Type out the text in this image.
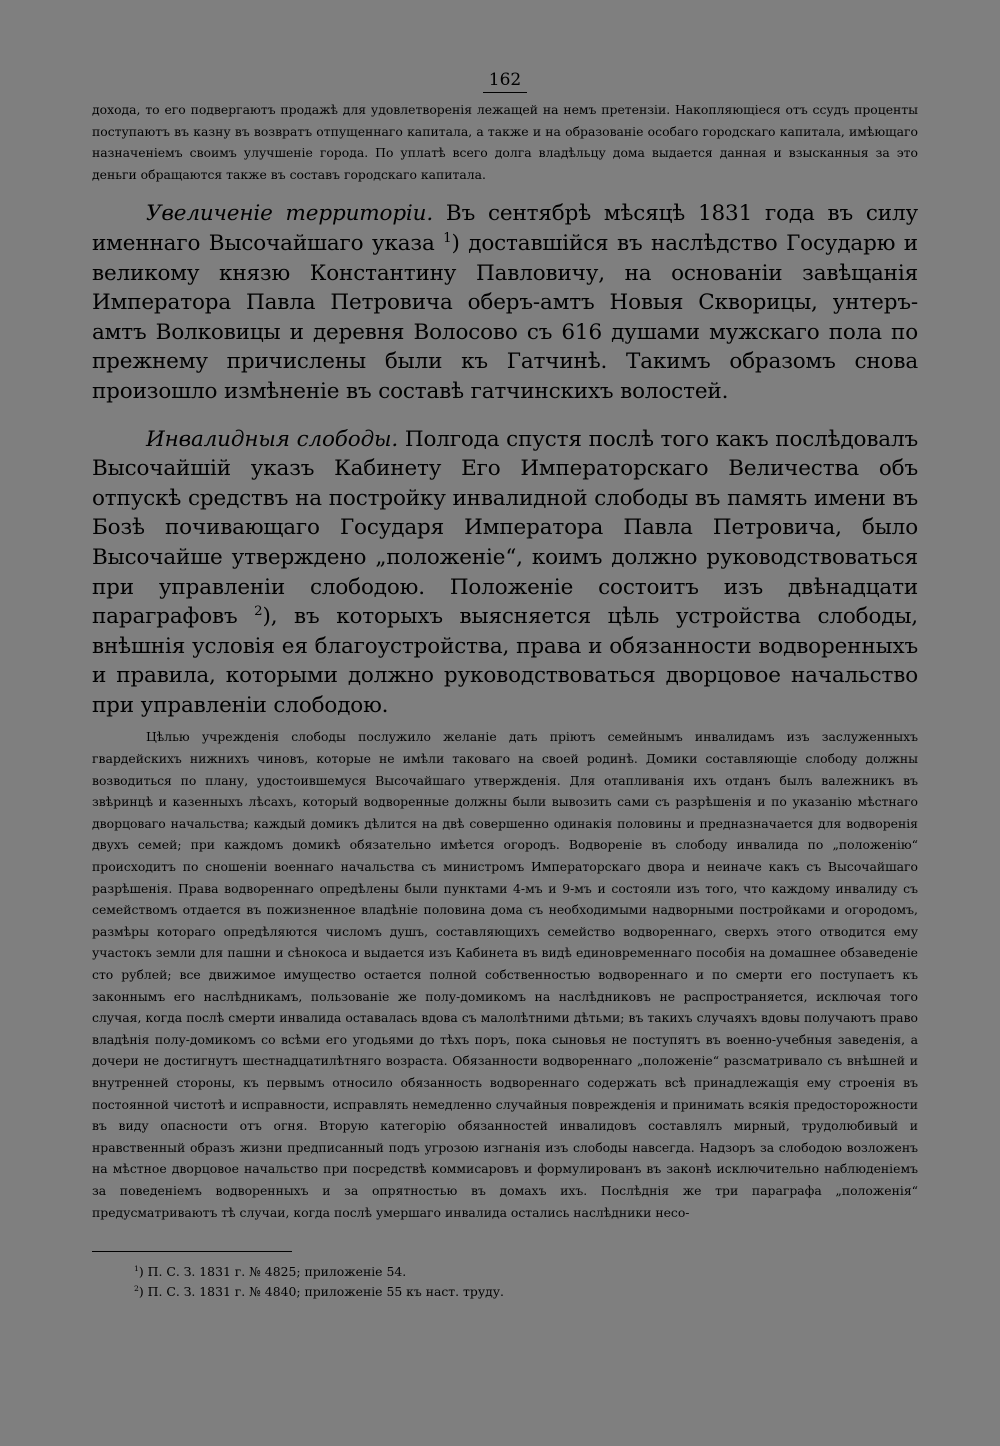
162

дохода, то его подвергаютъ продажѣ для удовлетворенія лежащей на немъ претензіи. Накопляющіеся отъ ссудъ проценты поступаютъ въ казну въ возвратъ отпущеннаго капитала, а также и на образованіе особаго городскаго капитала, имѣющаго назначеніемъ своимъ улучшеніе города. По уплатѣ всего долга владѣльцу дома выдается данная и взысканныя за это деньги обращаются также въ составъ городскаго капитала.

Увеличеніе территоріи. Въ сентябрѣ мѣсяцѣ 1831 года въ силу именнаго Высочайшаго указа $^1$) доставшійся въ наслѣдство Государю и великому князю Константину Павловичу, на основаніи завѣщанія Императора Павла Петровича оберъ-амтъ Новыя Скворицы, унтеръ-амтъ Волковицы и деревня Волосово съ 616 душами мужскаго пола по прежнему причислены были къ Гатчинѣ. Такимъ образомъ снова произошло измѣненіе въ составѣ гатчинскихъ волостей.

Инвалидныя слободы. Полгода спустя послѣ того какъ послѣдовалъ Высочайшій указъ Кабинету Его Императорскаго Величества объ отпускѣ средствъ на постройку инвалидной слободы въ память имени въ Бозѣ почивающаго Государя Императора Павла Петровича, было Высочайше утверждено „положеніе“, коимъ должно руководствоваться при управленіи слободою. Положеніе состоитъ изъ двѣнадцати параграфовъ $^2$), въ которыхъ выясняется цѣль устройства слободы, внѣшнія условія ея благоустройства, права и обязанности водворенныхъ и правила, которыми должно руководствоваться дворцовое начальство при управленіи слободою.

Цѣлью учрежденія слободы послужило желаніе дать пріютъ семейнымъ инвалидамъ изъ заслуженныхъ гвардейскихъ нижнихъ чиновъ, которые не имѣли таковаго на своей родинѣ. Домики составляющіе слободу должны возводиться по плану, удостоившемуся Высочайшаго утвержденія. Для отапливанія ихъ отданъ былъ валежникъ въ звѣринцѣ и казенныхъ лѣсахъ, который водворенные должны были вывозить сами съ разрѣшенія и по указанію мѣстнаго дворцоваго начальства; каждый домикъ дѣлится на двѣ совершенно одинакія половины и предназначается для водворенія двухъ семей; при каждомъ домикѣ обязательно имѣется огородъ. Водвореніе въ слободу инвалида по „положенію“ происходитъ по сношеніи военнаго начальства съ министромъ Императорскаго двора и неиначе какъ съ Высочайшаго разрѣшенія. Права водвореннаго опредѣлены были пунктами 4-мъ и 9-мъ и состояли изъ того, что каждому инвалиду съ семействомъ отдается въ пожизненное владѣніе половина дома съ необходимыми надворными постройками и огородомъ, размѣры котораго опредѣляются числомъ душъ, составляющихъ семейство водвореннаго, сверхъ этого отводится ему участокъ земли для пашни и сѣнокоса и выдается изъ Кабинета въ видѣ единовременнаго пособія на домашнее обзаведеніе сто рублей; все движимое имущество остается полной собственностью водвореннаго и по смерти его поступаетъ къ законнымъ его наслѣдникамъ, пользованіе же полу-домикомъ на наслѣдниковъ не распространяется, исключая того случая, когда послѣ смерти инвалида оставалась вдова съ малолѣтними дѣтьми; въ такихъ случаяхъ вдовы получаютъ право владѣнія полу-домикомъ со всѣми его угодьями до тѣхъ поръ, пока сыновья не поступятъ въ военно-учебныя заведенія, а дочери не достигнутъ шестнадцатилѣтняго возраста. Обязанности водвореннаго „положеніе“ разсматривало съ внѣшней и внутренней стороны, къ первымъ относило обязанность водвореннаго содержать всѣ принадлежащія ему строенія въ постоянной чистотѣ и исправности, исправлять немедленно случайныя поврежденія и принимать всякія предосторожности въ виду опасности отъ огня. Вторую категорію обязанностей инвалидовъ составлялъ мирный, трудолюбивый и нравственный образъ жизни предписанный подъ угрозою изгнанія изъ слободы навсегда. Надзоръ за слободою возложенъ на мѣстное дворцовое начальство при посредствѣ коммисаровъ и формулированъ въ законѣ исключительно наблюденіемъ за поведеніемъ водворенныхъ и за опрятностью въ домахъ ихъ. Послѣднія же три параграфа „положенія“ предусматриваютъ тѣ случаи, когда послѣ умершаго инвалида остались наслѣдники несо-

$^1$) П. С. З. 1831 г. № 4825; приложеніе 54.

$^2$) П. С. З. 1831 г. № 4840; приложеніе 55 къ наст. труду.
